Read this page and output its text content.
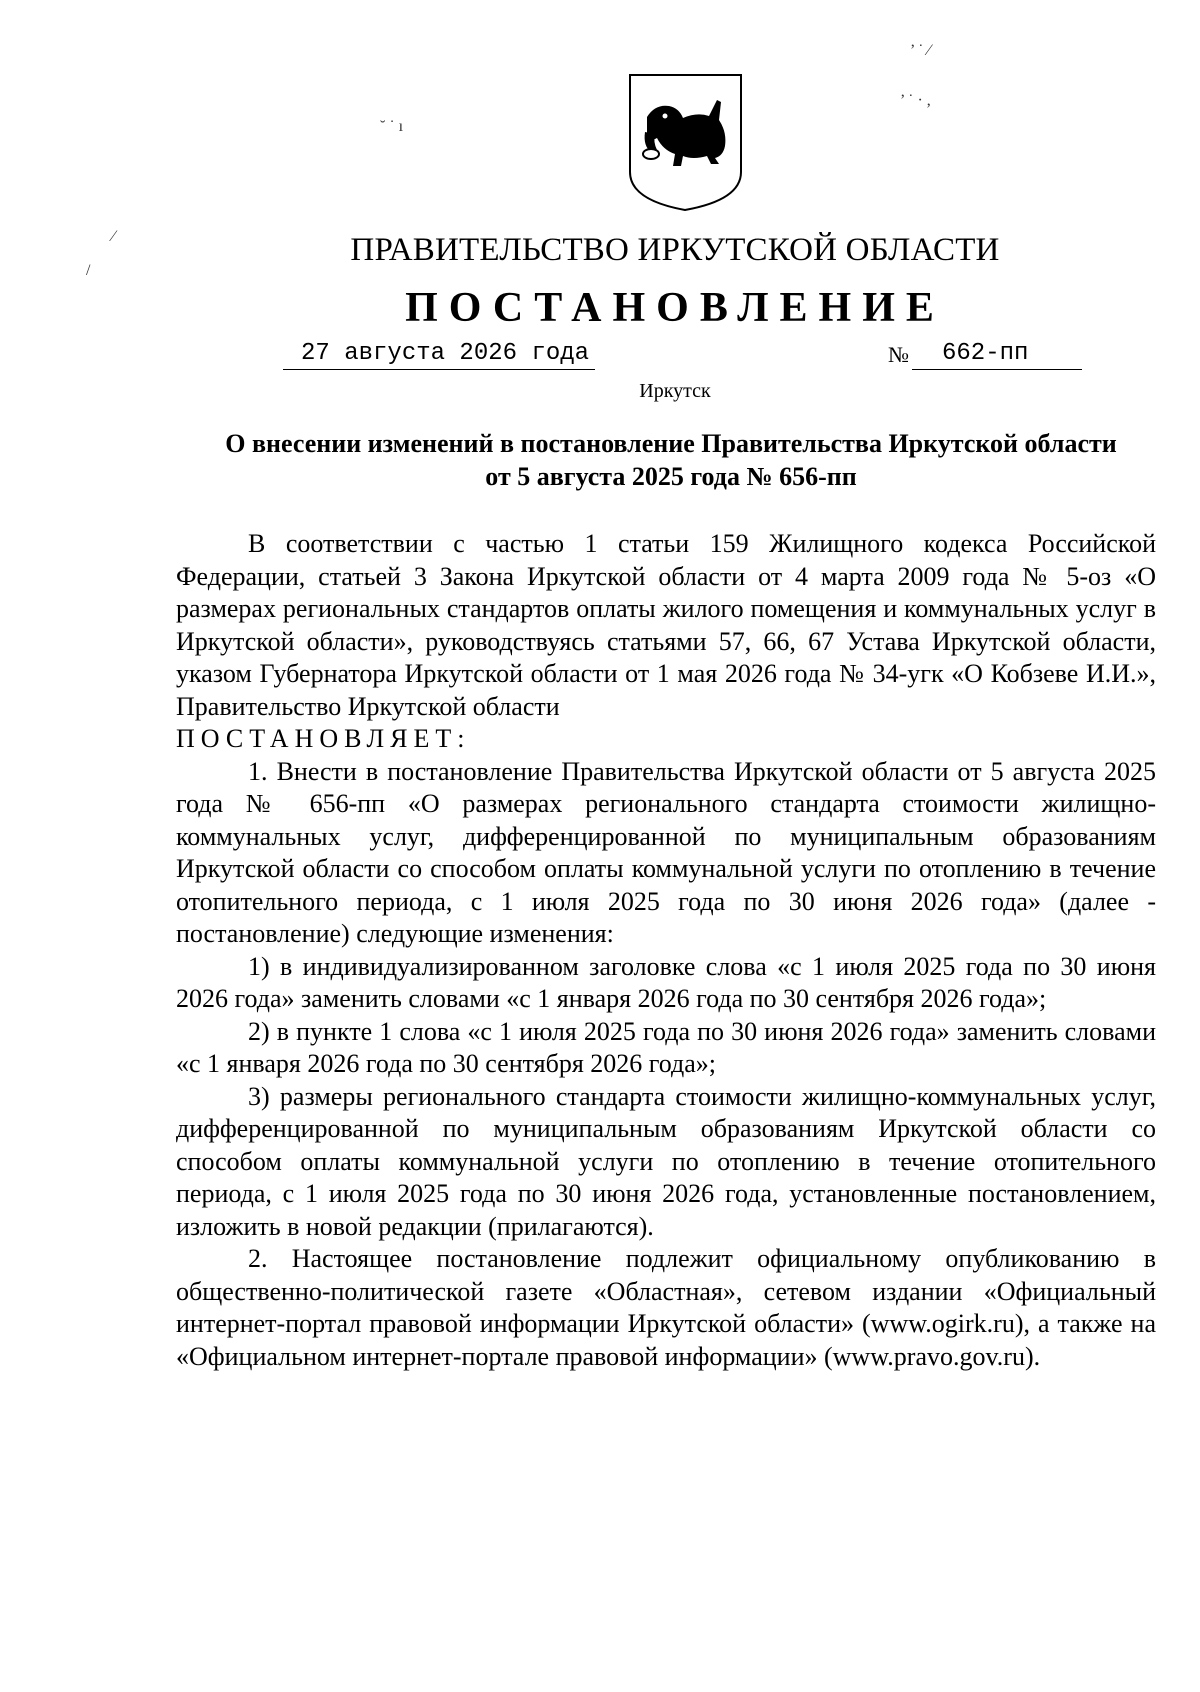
˘ ˙ ı
⁄
/
’ ˙ ⁄
’ ˙ · ,
ПРАВИТЕЛЬСТВО ИРКУТСКОЙ ОБЛАСТИ
ПОСТАНОВЛЕНИЕ
27 августа 2026 года	№	662-пп
Иркутск
О внесении изменений в постановление Правительства Иркутской области
от 5 августа 2025 года № 656-пп

В соответствии с частью 1 статьи 159 Жилищного кодекса Российской Федерации, статьей 3 Закона Иркутской области от 4 марта 2009 года № 5-оз «О размерах региональных стандартов оплаты жилого помещения и коммунальных услуг в Иркутской области», руководствуясь статьями 57, 66, 67 Устава Иркутской области, указом Губернатора Иркутской области от 1 мая 2026 года № 34-угк «О Кобзеве И.И.», Правительство Иркутской области

ПОСТАНОВЛЯЕТ:

1. Внести в постановление Правительства Иркутской области от 5 августа 2025 года № 656-пп «О размерах регионального стандарта стоимости жилищно-коммунальных услуг, дифференцированной по муниципальным образованиям Иркутской области со способом оплаты коммунальной услуги по отоплению в течение отопительного периода, с 1 июля 2025 года по 30 июня 2026 года» (далее - постановление) следующие изменения:

1) в индивидуализированном заголовке слова «с 1 июля 2025 года по 30 июня 2026 года» заменить словами «с 1 января 2026 года по 30 сентября 2026 года»;

2) в пункте 1 слова «с 1 июля 2025 года по 30 июня 2026 года» заменить словами «с 1 января 2026 года по 30 сентября 2026 года»;

3) размеры регионального стандарта стоимости жилищно-коммунальных услуг, дифференцированной по муниципальным образованиям Иркутской области со способом оплаты коммунальной услуги по отоплению в течение отопительного периода, с 1 июля 2025 года по 30 июня 2026 года, установленные постановлением, изложить в новой редакции (прилагаются).

2. Настоящее постановление подлежит официальному опубликованию в общественно-политической газете «Областная», сетевом издании «Официальный интернет-портал правовой информации Иркутской области» (www.ogirk.ru), а также на «Официальном интернет-портале правовой информации» (www.pravo.gov.ru).
